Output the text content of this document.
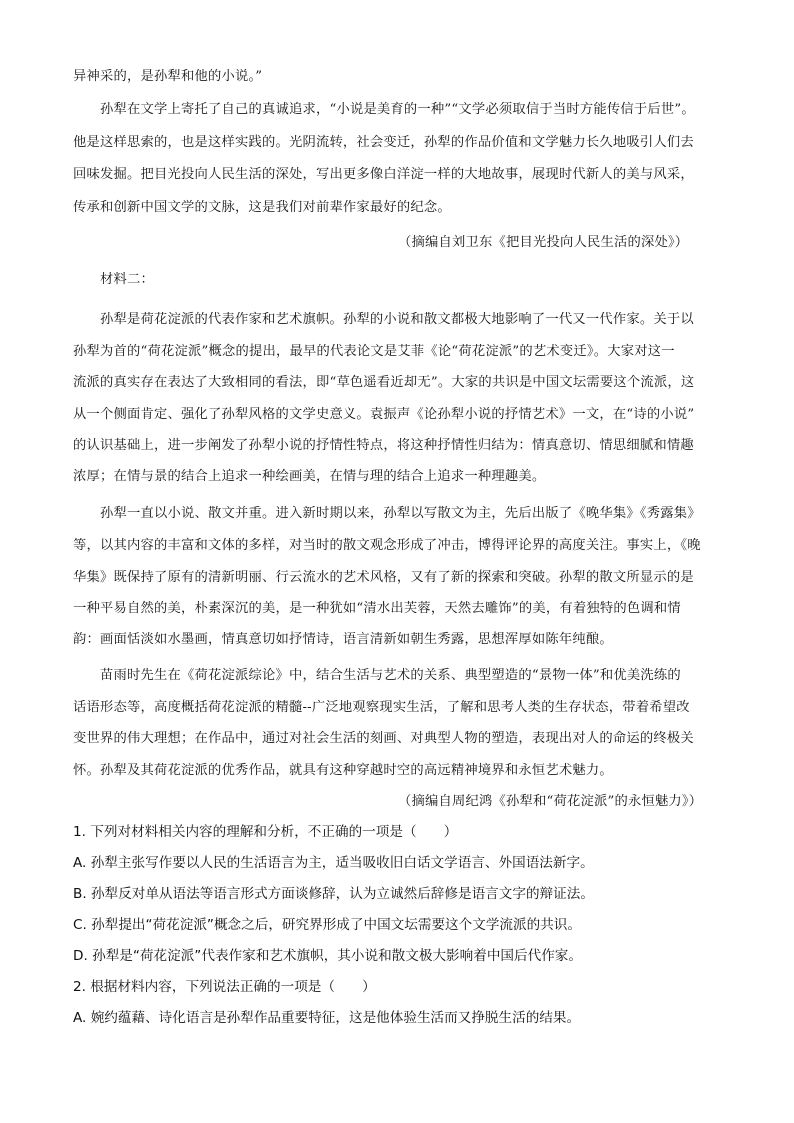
异神采的，是孙犁和他的小说。”
孙犁在文学上寄托了自己的真诚追求，“小说是美育的一种”“文学必须取信于当时方能传信于后世”。
他是这样思索的，也是这样实践的。光阴流转，社会变迁，孙犁的作品价值和文学魅力长久地吸引人们去
回味发掘。把目光投向人民生活的深处，写出更多像白洋淀一样的大地故事，展现时代新人的美与风采，
传承和创新中国文学的文脉，这是我们对前辈作家最好的纪念。
（摘编自刘卫东《把目光投向人民生活的深处》）
材料二：
孙犁是荷花淀派的代表作家和艺术旗帜。孙犁的小说和散文都极大地影响了一代又一代作家。关于以
孙犁为首的“荷花淀派”概念的提出，最早的代表论文是艾菲《论“荷花淀派”的艺术变迁》。大家对这一
流派的真实存在表达了大致相同的看法，即“草色遥看近却无”。大家的共识是中国文坛需要这个流派，这
从一个侧面肯定、强化了孙犁风格的文学史意义。袁振声《论孙犁小说的抒情艺术》一文，在“诗的小说”
的认识基础上，进一步阐发了孙犁小说的抒情性特点，将这种抒情性归结为：情真意切、情思细腻和情趣
浓厚；在情与景的结合上追求一种绘画美，在情与理的结合上追求一种理趣美。
孙犁一直以小说、散文并重。进入新时期以来，孙犁以写散文为主，先后出版了《晚华集》《秀露集》
等，以其内容的丰富和文体的多样，对当时的散文观念形成了冲击，博得评论界的高度关注。事实上，《晚
华集》既保持了原有的清新明丽、行云流水的艺术风格，又有了新的探索和突破。孙犁的散文所显示的是
一种平易自然的美，朴素深沉的美，是一种犹如“清水出芙蓉，天然去雕饰”的美，有着独特的色调和情
韵：画面恬淡如水墨画，情真意切如抒情诗，语言清新如朝生秀露，思想浑厚如陈年纯酿。
苗雨时先生在《荷花淀派综论》中，结合生活与艺术的关系、典型塑造的“景物一体”和优美洗练的
话语形态等，高度概括荷花淀派的精髓--广泛地观察现实生活，了解和思考人类的生存状态，带着希望改
变世界的伟大理想；在作品中，通过对社会生活的刻画、对典型人物的塑造，表现出对人的命运的终极关
怀。孙犁及其荷花淀派的优秀作品，就具有这种穿越时空的高远精神境界和永恒艺术魅力。
（摘编自周纪鸿《孙犁和“荷花淀派”的永恒魅力》）
1. 下列对材料相关内容的理解和分析，不正确的一项是（　　）
A. 孙犁主张写作要以人民的生活语言为主，适当吸收旧白话文学语言、外国语法新字。
B. 孙犁反对单从语法等语言形式方面谈修辞，认为立诚然后辞修是语言文字的辩证法。
C. 孙犁提出“荷花淀派”概念之后，研究界形成了中国文坛需要这个文学流派的共识。
D. 孙犁是“荷花淀派”代表作家和艺术旗帜，其小说和散文极大影响着中国后代作家。
2. 根据材料内容，下列说法正确的一项是（　　）
A. 婉约蕴藉、诗化语言是孙犁作品重要特征，这是他体验生活而又挣脱生活的结果。
